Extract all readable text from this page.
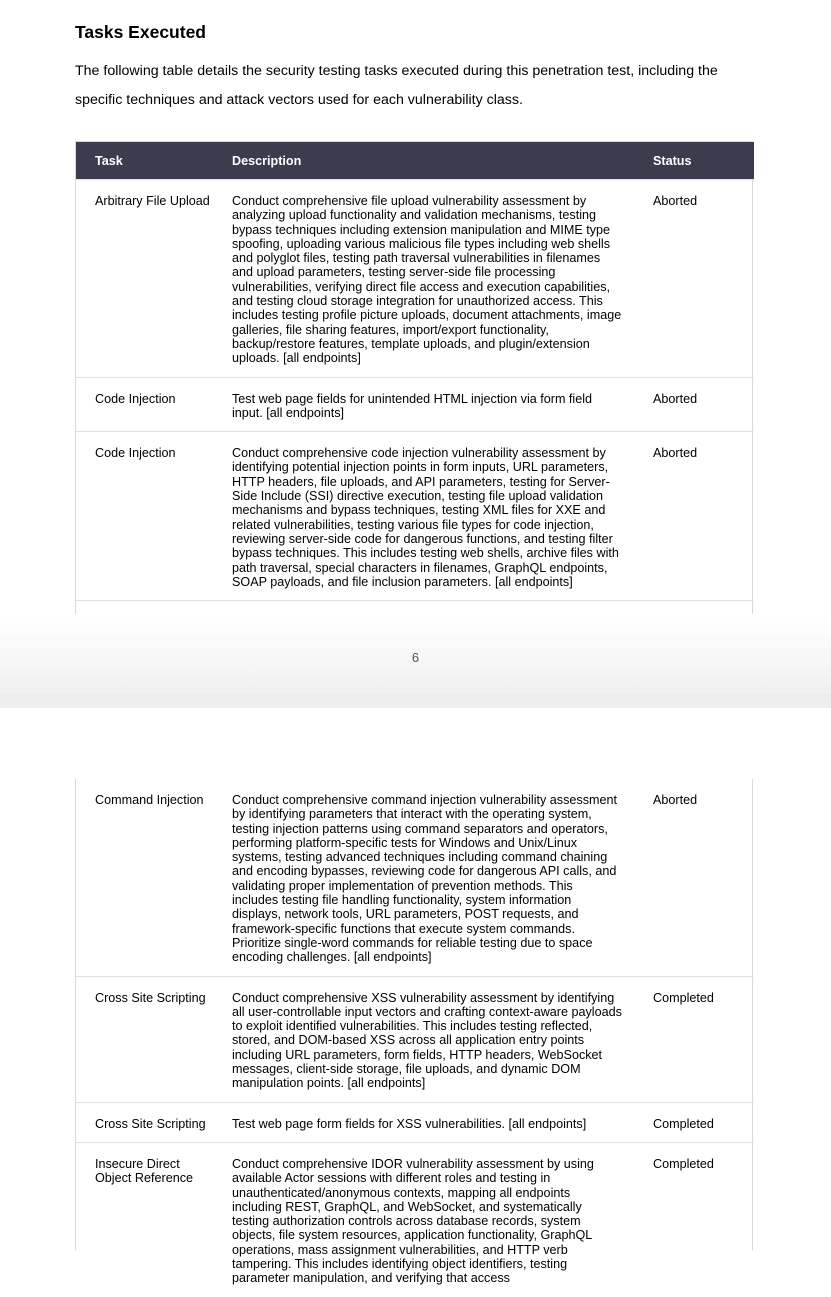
Tasks Executed

The following table details the security testing tasks executed during this penetration test, including the specific techniques and attack vectors used for each vulnerability class.

Task	Description	Status
Arbitrary File Upload	Conduct comprehensive file upload vulnerability assessment by analyzing upload functionality and validation mechanisms, testing bypass techniques including extension manipulation and MIME type spoofing, uploading various malicious file types including web shells and polyglot files, testing path traversal vulnerabilities in filenames and upload parameters, testing server-side file processing vulnerabilities, verifying direct file access and execution capabilities, and testing cloud storage integration for unauthorized access. This includes testing profile picture uploads, document attachments, image galleries, file sharing features, import/export functionality, backup/restore features, template uploads, and plugin/extension uploads. [all endpoints]	Aborted
Code Injection	Test web page fields for unintended HTML injection via form field input. [all endpoints]	Aborted
Code Injection	Conduct comprehensive code injection vulnerability assessment by identifying potential injection points in form inputs, URL parameters, HTTP headers, file uploads, and API parameters, testing for Server-Side Include (SSI) directive execution, testing file upload validation mechanisms and bypass techniques, testing XML files for XXE and related vulnerabilities, testing various file types for code injection, reviewing server-side code for dangerous functions, and testing filter bypass techniques. This includes testing web shells, archive files with path traversal, special characters in filenames, GraphQL endpoints, SOAP payloads, and file inclusion parameters. [all endpoints]	Aborted

6
Command Injection	Conduct comprehensive command injection vulnerability assessment by identifying parameters that interact with the operating system, testing injection patterns using command separators and operators, performing platform-specific tests for Windows and Unix/Linux systems, testing advanced techniques including command chaining and encoding bypasses, reviewing code for dangerous API calls, and validating proper implementation of prevention methods. This includes testing file handling functionality, system information displays, network tools, URL parameters, POST requests, and framework-specific functions that execute system commands. Prioritize single-word commands for reliable testing due to space encoding challenges. [all endpoints]	Aborted
Cross Site Scripting	Conduct comprehensive XSS vulnerability assessment by identifying all user-controllable input vectors and crafting context-aware payloads to exploit identified vulnerabilities. This includes testing reflected, stored, and DOM-based XSS across all application entry points including URL parameters, form fields, HTTP headers, WebSocket messages, client-side storage, file uploads, and dynamic DOM manipulation points. [all endpoints]	Completed
Cross Site Scripting	Test web page form fields for XSS vulnerabilities. [all endpoints]	Completed
Insecure Direct Object Reference	Conduct comprehensive IDOR vulnerability assessment by using available Actor sessions with different roles and testing in unauthenticated/anonymous contexts, mapping all endpoints including REST, GraphQL, and WebSocket, and systematically testing authorization controls across database records, system objects, file system resources, application functionality, GraphQL operations, mass assignment vulnerabilities, and HTTP verb tampering. This includes identifying object identifiers, testing parameter manipulation, and verifying that access	Completed
